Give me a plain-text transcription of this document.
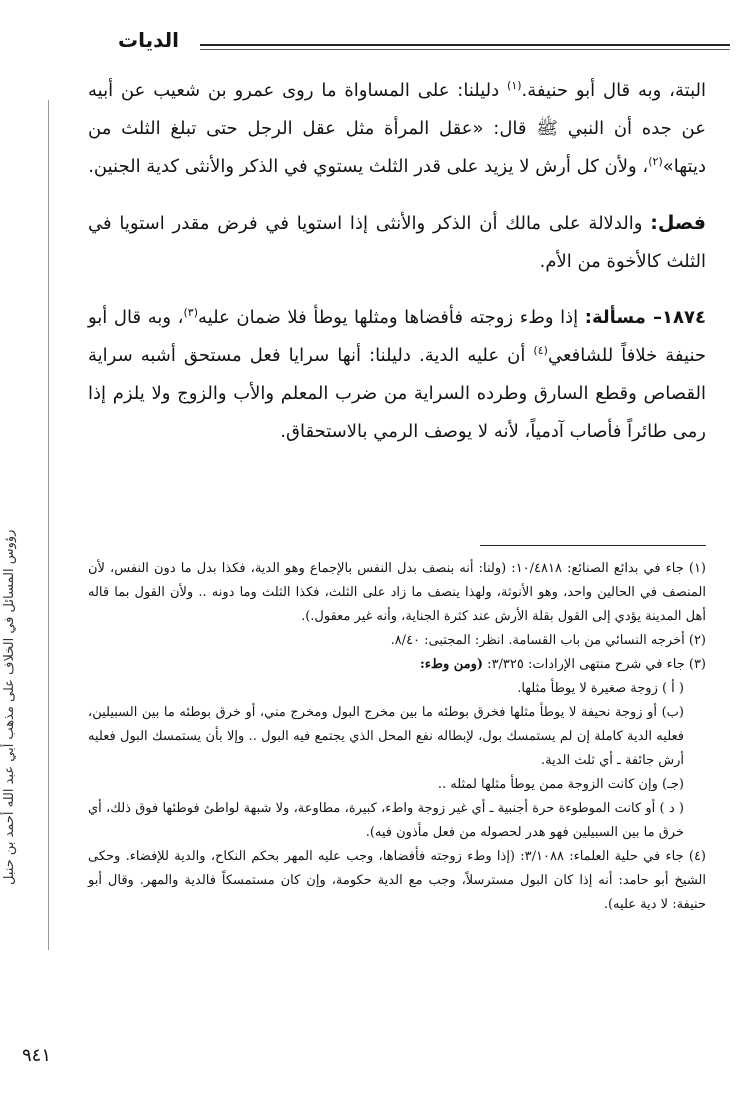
الديات
رؤوس المسائل في الخلاف على مذهب أبي عبد الله أحمد بن حنبل

البتة، وبه قال أبو حنيفة.$^{(١)}$ دليلنا: على المساواة ما روى عمرو بن شعيب عن أبيه عن جده أن النبي ﷺ قال: «عقل المرأة مثل عقل الرجل حتى تبلغ الثلث من ديتها»$^{(٢)}$، ولأن كل أرش لا يزيد على قدر الثلث يستوي في الذكر والأنثى كدية الجنين.

فصل: والدلالة على مالك أن الذكر والأنثى إذا استويا في فرض مقدر استويا في الثلث كالأخوة من الأم.

١٨٧٤– مسألة: إذا وطء زوجته فأفضاها ومثلها يوطأ فلا ضمان عليه$^{(٣)}$، وبه قال أبو حنيفة خلافاً للشافعي$^{(٤)}$ أن عليه الدية. دليلنا: أنها سرايا فعل مستحق أشبه سراية القصاص وقطع السارق وطرده السراية من ضرب المعلم والأب والزوج ولا يلزم إذا رمى طائراً فأصاب آدمياً، لأنه لا يوصف الرمي بالاستحقاق.

(١) جاء في بدائع الصنائع: ١٠/٤٨١٨: (ولنا: أنه بنصف بدل النفس بالإجماع وهو الدية، فكذا بدل ما دون النفس، لأن المنصف في الحالين واحد، وهو الأنوثة، ولهذا ينصف ما زاد على الثلث، فكذا الثلث وما دونه .. ولأن القول بما قاله أهل المدينة يؤدي إلى القول بقلة الأرش عند كثرة الجناية، وأنه غير معقول.).

(٢) أخرجه النسائي من باب القسامة. انظر: المجتبى: ٨/٤٠.

(٣) جاء في شرح منتهى الإرادات: ٣/٣٢٥: (ومن وطء:

( أ ) زوجة صغيرة لا يوطأ مثلها.

(ب) أو زوجة نحيفة لا يوطأ مثلها فخرق بوطئه ما بين مخرج البول ومخرج مني، أو خرق بوطئه ما بين السبيلين، فعليه الدية كاملة إن لم يستمسك بول، لإبطاله نفع المحل الذي يجتمع فيه البول .. وإلا بأن يستمسك البول فعليه أرش جائفة ـ أي ثلث الدية.

(جـ) وإن كانت الزوجة ممن يوطأ مثلها لمثله ..

( د ) أو كانت الموطوءة حرة أجنبية ـ أي غير زوجة واطء، كبيرة، مطاوعة، ولا شبهة لواطئ فوطئها فوق ذلك، أي خرق ما بين السبيلين فهو هدر لحصوله من فعل مأذون فيه).

(٤) جاء في حلية العلماء: ٣/١٠٨٨: (إذا وطء زوجته فأفضاها، وجب عليه المهر بحكم النكاح، والدية للإفضاء. وحكى الشيخ أبو حامد: أنه إذا كان البول مسترسلاً، وجب مع الدية حكومة، وإن كان مستمسكاً فالدية والمهر. وقال أبو حنيفة: لا دية عليه).

٩٤١
